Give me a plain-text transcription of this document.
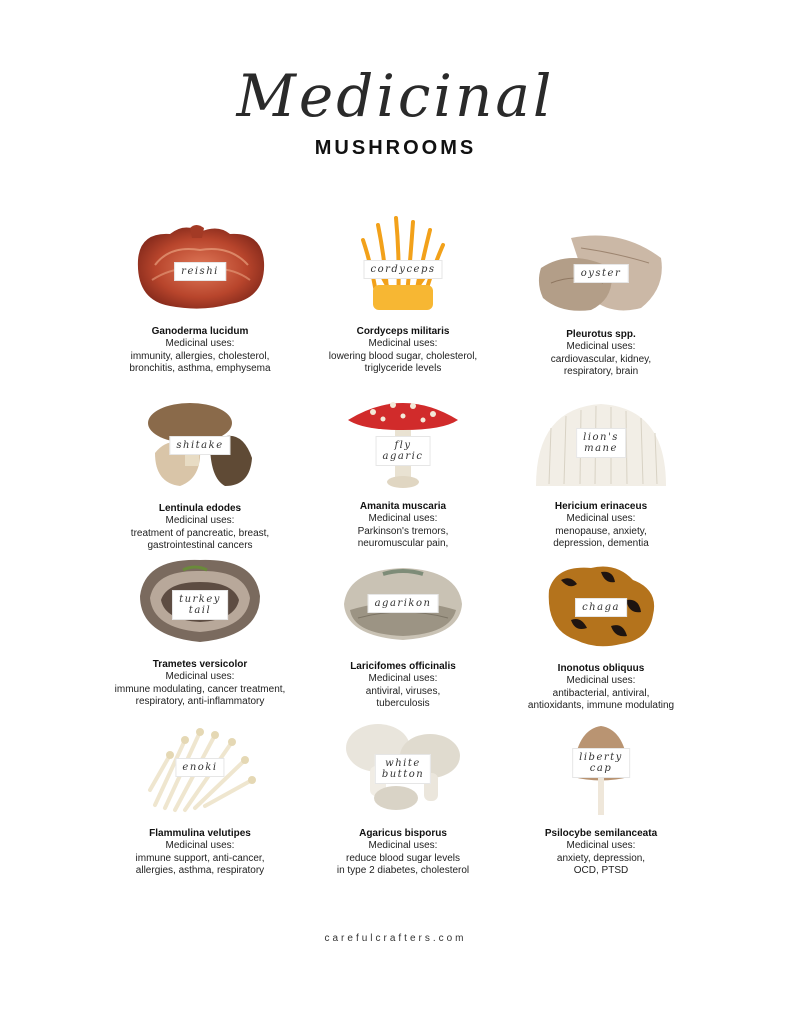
Medicinal
MUSHROOMS
reishi
Ganoderma lucidum
Medicinal uses:
immunity, allergies, cholesterol,
bronchitis, asthma, emphysema
cordyceps
Cordyceps militaris
Medicinal uses:
lowering blood sugar, cholesterol,
triglyceride levels
oyster
Pleurotus spp.
Medicinal uses:
cardiovascular, kidney,
respiratory, brain
shitake
Lentinula edodes
Medicinal uses:
treatment of pancreatic, breast,
gastrointestinal cancers
fly
agaric
Amanita muscaria
Medicinal uses:
Parkinson's tremors,
neuromuscular pain,
lion's
mane
Hericium erinaceus
Medicinal uses:
menopause, anxiety,
depression, dementia
turkey
tail
Trametes versicolor
Medicinal uses:
immune modulating, cancer treatment,
respiratory, anti-inflammatory
agarikon
Laricifomes officinalis
Medicinal uses:
antiviral, viruses,
tuberculosis
chaga
Inonotus obliquus
Medicinal uses:
antibacterial, antiviral,
antioxidants, immune modulating
enoki
Flammulina velutipes
Medicinal uses:
immune support, anti-cancer,
allergies, asthma, respiratory
white
button
Agaricus bisporus
Medicinal uses:
reduce blood sugar levels
in type 2 diabetes, cholesterol
liberty
cap
Psilocybe semilanceata
Medicinal uses:
anxiety, depression,
OCD, PTSD
carefulcrafters.com
